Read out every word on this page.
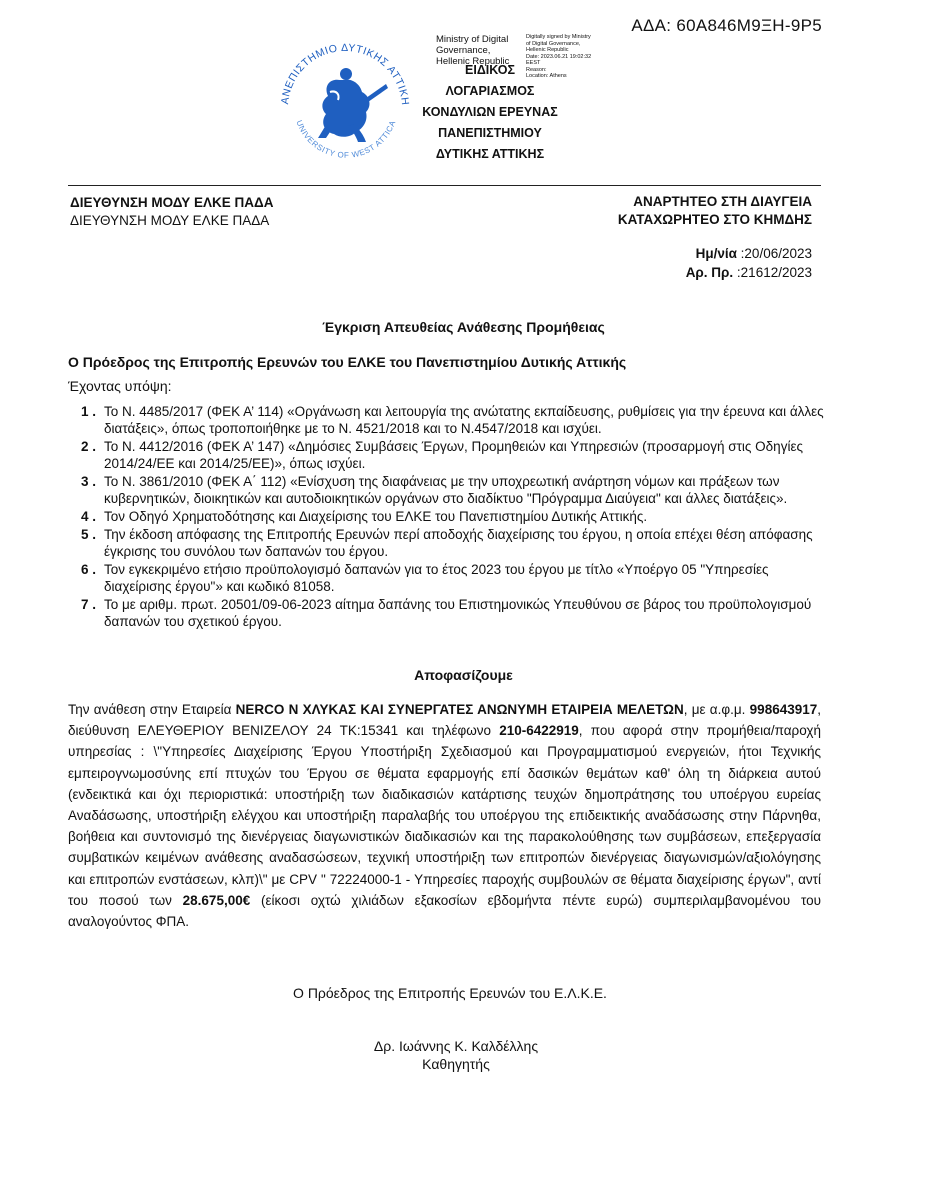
ΑΔΑ: 60Α846Μ9ΞΗ-9Ρ5
ΑΝΕΠΙΣΤΗΜΙΟ ΔΥΤΙΚΗΣ ΑΤΤΙΚΗ
UNIVERSITY OF WEST ATTICA
Ministry of Digital
Governance,
Hellenic Republic
Digitally signed by Ministry
of Digital Governance,
Hellenic Republic
Date: 2023.06.21 19:02:32
EEST
Reason:
Location: Athens
ΕΙΔΙΚΟΣ
ΛΟΓΑΡΙΑΣΜΟΣ
ΚΟΝΔΥΛΙΩΝ ΕΡΕΥΝΑΣ
ΠΑΝΕΠΙΣΤΗΜΙΟΥ
ΔΥΤΙΚΗΣ ΑΤΤΙΚΗΣ
ΔΙΕΥΘΥΝΣΗ ΜΟΔΥ ΕΛΚΕ ΠΑΔΑ
ΔΙΕΥΘΥΝΣΗ ΜΟΔΥ ΕΛΚΕ ΠΑΔΑ
ΑΝΑΡΤΗΤΕΟ ΣΤΗ ΔΙΑΥΓΕΙΑ
ΚΑΤΑΧΩΡΗΤΕΟ ΣΤΟ ΚΗΜΔΗΣ
Ημ/νία :20/06/2023
Αρ. Πρ. :21612/2023
Έγκριση Απευθείας Ανάθεσης Προμήθειας
Ο Πρόεδρος της Επιτροπής Ερευνών του ΕΛΚΕ του Πανεπιστημίου Δυτικής Αττικής
Έχοντας υπόψη:
1 . Το Ν. 4485/2017 (ΦΕΚ Α’ 114) «Οργάνωση και λειτουργία της ανώτατης εκπαίδευσης, ρυθμίσεις για την έρευνα και άλλες διατάξεις», όπως τροποποιήθηκε με το Ν. 4521/2018 και το Ν.4547/2018 και ισχύει.
2 . Το Ν. 4412/2016 (ΦΕΚ Α’ 147) «Δημόσιες Συμβάσεις Έργων, Προμηθειών και Υπηρεσιών (προσαρμογή στις Οδηγίες 2014/24/ΕΕ και 2014/25/ΕΕ)», όπως ισχύει.
3 . Το Ν. 3861/2010 (ΦΕΚ Α΄ 112) «Ενίσχυση της διαφάνειας με την υποχρεωτική ανάρτηση νόμων και πράξεων των κυβερνητικών, διοικητικών και αυτοδιοικητικών οργάνων στο διαδίκτυο "Πρόγραμμα Διαύγεια" και άλλες διατάξεις».
4 . Τον Οδηγό Χρηματοδότησης και Διαχείρισης του ΕΛΚΕ του Πανεπιστημίου Δυτικής Αττικής.
5 . Την έκδοση απόφασης της Επιτροπής Ερευνών περί αποδοχής διαχείρισης του έργου, η οποία επέχει θέση απόφασης έγκρισης του συνόλου των δαπανών του έργου.
6 . Τον εγκεκριμένο ετήσιο προϋπολογισμό δαπανών για το έτος 2023 του έργου με τίτλο «Υποέργο 05 "Υπηρεσίες διαχείρισης έργου"» και κωδικό 81058.
7 . Το με αριθμ. πρωτ. 20501/09-06-2023 αίτημα δαπάνης του Επιστημονικώς Υπευθύνου σε βάρος του προϋπολογισμού δαπανών του σχετικού έργου.
Αποφασίζουμε
Την ανάθεση στην Εταιρεία NERCO Ν ΧΛΥΚΑΣ ΚΑΙ ΣΥΝΕΡΓΑΤΕΣ ΑΝΩΝΥΜΗ ΕΤΑΙΡΕΙΑ ΜΕΛΕΤΩΝ, με α.φ.μ. 998643917, διεύθυνση ΕΛΕΥΘΕΡΙΟΥ ΒΕΝΙΖΕΛΟΥ 24 ΤΚ:15341 και τηλέφωνο 210-6422919, που αφορά στην προμήθεια/παροχή υπηρεσίας : \"Υπηρεσίες Διαχείρισης Έργου Υποστήριξη Σχεδιασμού και Προγραμματισμού ενεργειών, ήτοι Τεχνικής εμπειρογνωμοσύνης επί πτυχών του Έργου σε θέματα εφαρμογής επί δασικών θεμάτων καθ' όλη τη διάρκεια αυτού (ενδεικτικά και όχι περιοριστικά: υποστήριξη των διαδικασιών κατάρτισης τευχών δημοπράτησης του υποέργου ευρείας Αναδάσωσης, υποστήριξη ελέγχου και υποστήριξη παραλαβής του υποέργου της επιδεικτικής αναδάσωσης στην Πάρνηθα, βοήθεια και συντονισμό της διενέργειας διαγωνιστικών διαδικασιών και της παρακολούθησης των συμβάσεων, επεξεργασία συμβατικών κειμένων ανάθεσης αναδασώσεων, τεχνική υποστήριξη των επιτροπών διενέργειας διαγωνισμών/αξιολόγησης και επιτροπών ενστάσεων, κλπ)\" με CPV " 72224000-1 - Υπηρεσίες παροχής συμβουλών σε θέματα διαχείρισης έργων", αντί του ποσού των 28.675,00€ (είκοσι οχτώ χιλιάδων εξακοσίων εβδομήντα πέντε ευρώ) συμπεριλαμβανομένου του αναλογούντος ΦΠΑ.
Ο Πρόεδρος της Επιτροπής Ερευνών του Ε.Λ.Κ.Ε.
Δρ. Ιωάννης Κ. Καλδέλλης
Καθηγητής
